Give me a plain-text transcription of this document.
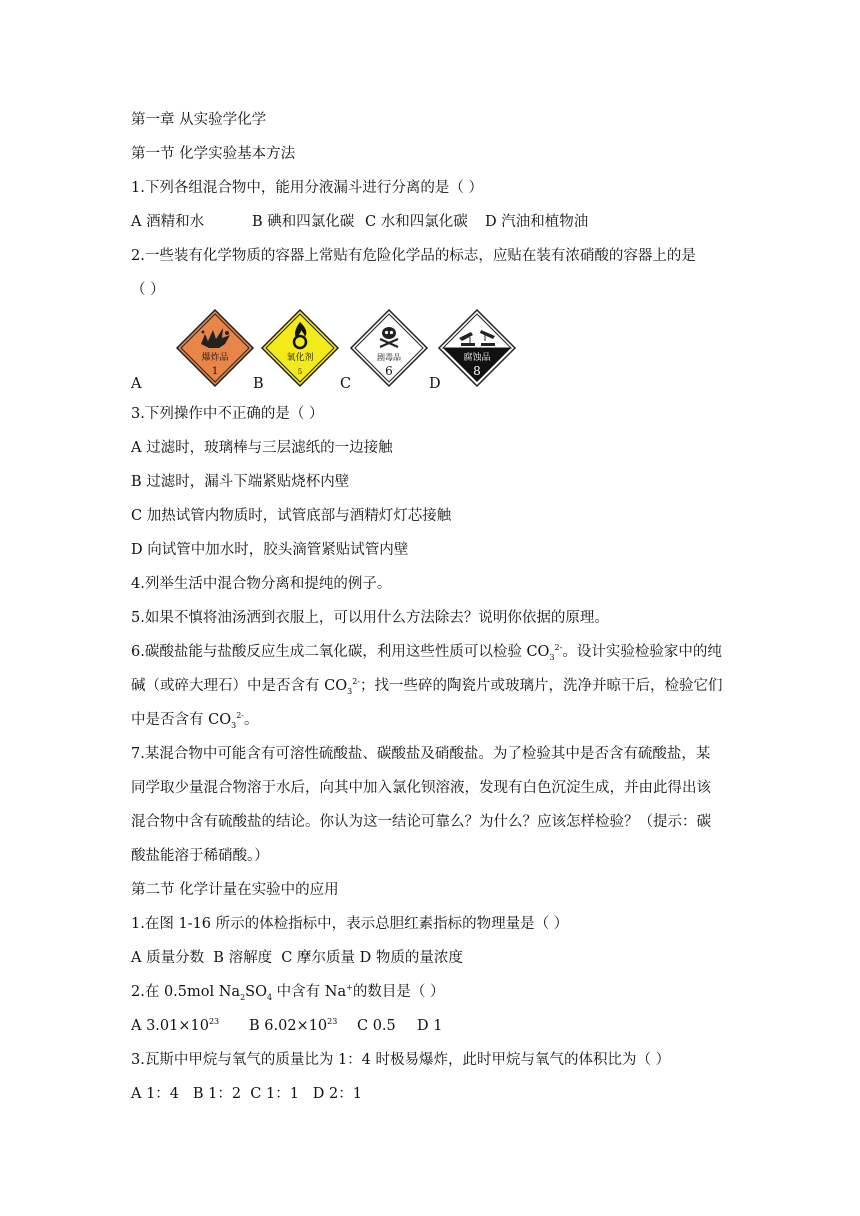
第一章 从实验学化学
第一节 化学实验基本方法
1.下列各组混合物中，能用分液漏斗进行分离的是（ ）
A 酒精和水	B 碘和四氯化碳 C 水和四氯化碳 D 汽油和植物油
2.一些装有化学物质的容器上常贴有危险化学品的标志，应贴在装有浓硝酸的容器上的是
（ ）
A
爆炸品
1
B
氧化剂
5
C
剧毒品
6
D
腐蚀品
8
3.下列操作中不正确的是（ ）
A 过滤时，玻璃棒与三层滤纸的一边接触
B 过滤时，漏斗下端紧贴烧杯内壁
C 加热试管内物质时，试管底部与酒精灯灯芯接触
D 向试管中加水时，胶头滴管紧贴试管内壁
4.列举生活中混合物分离和提纯的例子。
5.如果不慎将油汤洒到衣服上，可以用什么方法除去？说明你依据的原理。
6.碳酸盐能与盐酸反应生成二氧化碳，利用这些性质可以检验 $CO_3^{2-}$。设计实验检验家中的纯
碱（或碎大理石）中是否含有 $CO_3^{2-}$；找一些碎的陶瓷片或玻璃片，洗净并晾干后，检验它们
中是否含有 $CO_3^{2-}$。
7.某混合物中可能含有可溶性硫酸盐、碳酸盐及硝酸盐。为了检验其中是否含有硫酸盐，某
同学取少量混合物溶于水后，向其中加入氯化钡溶液，发现有白色沉淀生成，并由此得出该
混合物中含有硫酸盐的结论。你认为这一结论可靠么？为什么？应该怎样检验？（提示：碳
酸盐能溶于稀硝酸。）
第二节 化学计量在实验中的应用
1.在图 1-16 所示的体检指标中，表示总胆红素指标的物理量是（ ）
A 质量分数  B 溶解度  C 摩尔质量 D 物质的量浓度
2.在 0.5mol $Na_2SO_4$ 中含有 Na+的数目是（ ）
A $3.01\times 10^{23}$ B $6.02\times 10^{23}$ C 0.5 D 1
3.瓦斯中甲烷与氧气的质量比为 1：4 时极易爆炸，此时甲烷与氧气的体积比为（ ）
A 1：4   B 1：2  C 1：1   D 2：1
